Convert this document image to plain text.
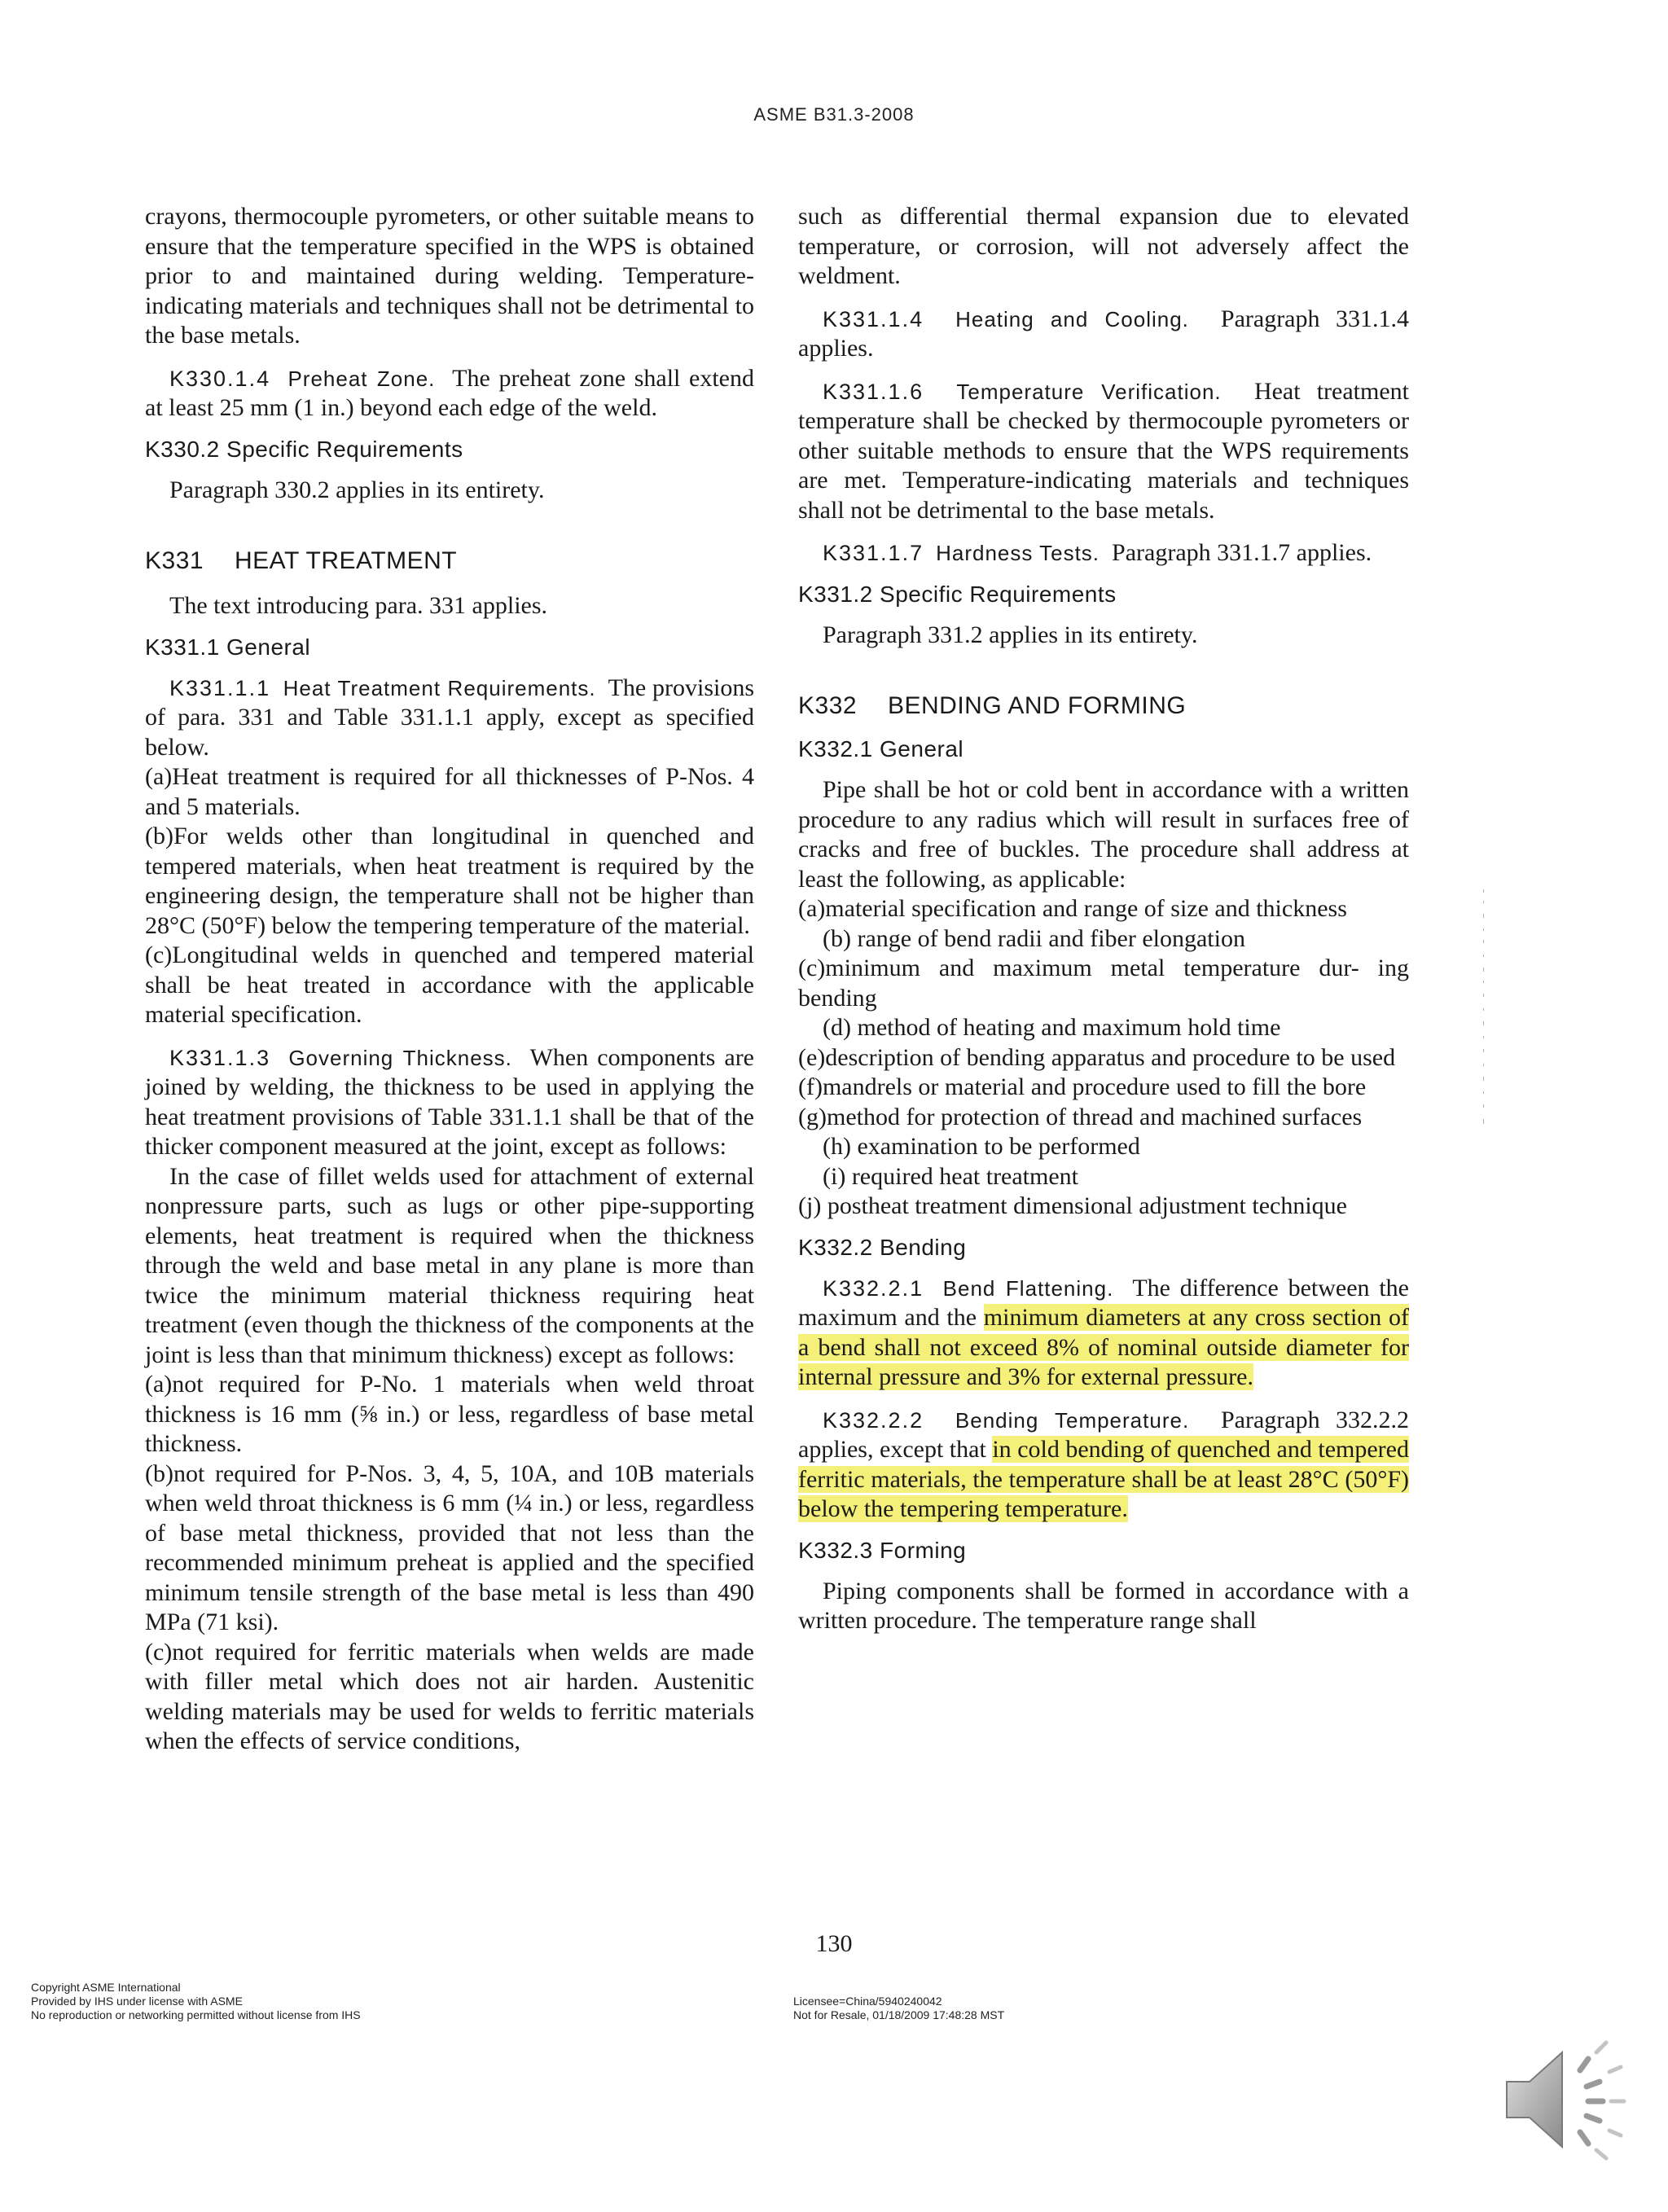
ASME B31.3-2008

crayons, thermocouple pyrometers, or other suitable means to ensure that the temperature specified in the WPS is obtained prior to and maintained during welding. Temperature-indicating materials and techniques shall not be detrimental to the base metals.

K330.1.4 Preheat Zone. The preheat zone shall extend at least 25 mm (1 in.) beyond each edge of the weld.

K330.2 Specific Requirements

Paragraph 330.2 applies in its entirety.

K331 HEAT TREATMENT

The text introducing para. 331 applies.

K331.1 General

K331.1.1 Heat Treatment Requirements. The provisions of para. 331 and Table 331.1.1 apply, except as specified below.

(a)Heat treatment is required for all thicknesses of P-Nos. 4 and 5 materials.

(b)For welds other than longitudinal in quenched and tempered materials, when heat treatment is required by the engineering design, the temperature shall not be higher than 28°C (50°F) below the tempering temperature of the material.

(c)Longitudinal welds in quenched and tempered material shall be heat treated in accordance with the applicable material specification.

K331.1.3 Governing Thickness. When components are joined by welding, the thickness to be used in applying the heat treatment provisions of Table 331.1.1 shall be that of the thicker component measured at the joint, except as follows:

In the case of fillet welds used for attachment of external nonpressure parts, such as lugs or other pipe-supporting elements, heat treatment is required when the thickness through the weld and base metal in any plane is more than twice the minimum material thickness requiring heat treatment (even though the thickness of the components at the joint is less than that minimum thickness) except as follows:

(a)not required for P-No. 1 materials when weld throat thickness is 16 mm (⅝ in.) or less, regardless of base metal thickness.

(b)not required for P-Nos. 3, 4, 5, 10A, and 10B materials when weld throat thickness is 6 mm (¼ in.) or less, regardless of base metal thickness, provided that not less than the recommended minimum preheat is applied and the specified minimum tensile strength of the base metal is less than 490 MPa (71 ksi).

(c)not required for ferritic materials when welds are made with filler metal which does not air harden. Austenitic welding materials may be used for welds to ferritic materials when the effects of service conditions,

such as differential thermal expansion due to elevated temperature, or corrosion, will not adversely affect the weldment.

K331.1.4 Heating and Cooling. Paragraph 331.1.4 applies.

K331.1.6 Temperature Verification. Heat treatment temperature shall be checked by thermocouple pyrometers or other suitable methods to ensure that the WPS requirements are met. Temperature-indicating materials and techniques shall not be detrimental to the base metals.

K331.1.7 Hardness Tests. Paragraph 331.1.7 applies.

K331.2 Specific Requirements

Paragraph 331.2 applies in its entirety.

K332 BENDING AND FORMING
K332.1 General

Pipe shall be hot or cold bent in accordance with a written procedure to any radius which will result in surfaces free of cracks and free of buckles. The procedure shall address at least the following, as applicable:

(a)material specification and range of size and thickness

(b) range of bend radii and fiber elongation

(c)minimum and maximum metal temperature dur- ing bending

(d) method of heating and maximum hold time

(e)description of bending apparatus and procedure to be used

(f)mandrels or material and procedure used to fill the bore

(g)method for protection of thread and machined surfaces

(h) examination to be performed

(i) required heat treatment

(j) postheat treatment dimensional adjustment technique

K332.2 Bending

K332.2.1 Bend Flattening. The difference between the maximum and the minimum diameters at any cross section of a bend shall not exceed 8% of nominal outside diameter for internal pressure and 3% for external pressure.

K332.2.2 Bending Temperature. Paragraph 332.2.2 applies, except that in cold bending of quenched and tempered ferritic materials, the temperature shall be at least 28°C (50°F) below the tempering temperature.

K332.3 Forming

Piping components shall be formed in accordance with a written procedure. The temperature range shall

130
Copyright ASME International
Provided by IHS under license with ASME
No reproduction or networking permitted without license from IHS
Licensee=China/5940240042
Not for Resale, 01/18/2009 17:48:28 MST
